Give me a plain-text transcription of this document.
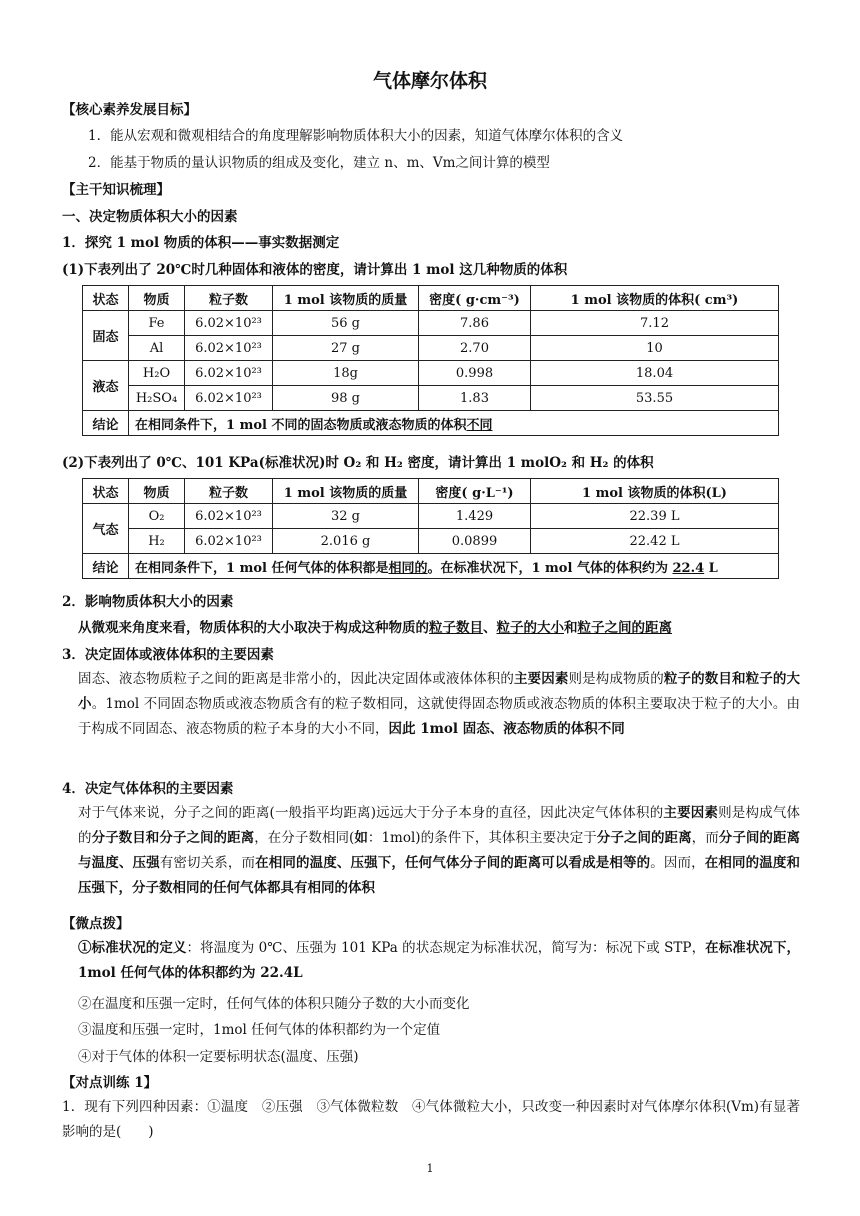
气体摩尔体积
【核心素养发展目标】
1．能从宏观和微观相结合的角度理解影响物质体积大小的因素，知道气体摩尔体积的含义
2．能基于物质的量认识物质的组成及变化，建立 n、m、Vm之间计算的模型
【主干知识梳理】
一、决定物质体积大小的因素
1．探究 1 mol 物质的体积——事实数据测定
(1)下表列出了 20℃时几种固体和液体的密度，请计算出 1 mol 这几种物质的体积
状态	物质	粒子数	1 mol 该物质的质量	密度( g·cm⁻³)	1 mol 该物质的体积( cm³)
固态	Fe	6.02×10²³	56 g	7.86	7.12
	Al	6.02×10²³	27 g	2.70	10
液态	H₂O	6.02×10²³	18g	0.998	18.04
	H₂SO₄	6.02×10²³	98 g	1.83	53.55
结论	在相同条件下，1 mol 不同的固态物质或液态物质的体积不同				
(2)下表列出了 0℃、101 KPa(标准状况)时 O₂ 和 H₂ 密度，请计算出 1 molO₂ 和 H₂ 的体积
状态	物质	粒子数	1 mol 该物质的质量	密度( g·L⁻¹)	1 mol 该物质的体积(L)
气态	O₂	6.02×10²³	32 g	1.429	22.39 L
	H₂	6.02×10²³	2.016 g	0.0899	22.42 L
结论	在相同条件下，1 mol 任何气体的体积都是相同的。在标准状况下，1 mol 气体的体积约为 22.4 L				
2．影响物质体积大小的因素
从微观来角度来看，物质体积的大小取决于构成这种物质的粒子数目、粒子的大小和粒子之间的距离
3．决定固体或液体体积的主要因素
固态、液态物质粒子之间的距离是非常小的，因此决定固体或液体体积的主要因素则是构成物质的粒子的数目和粒子的大小。1mol 不同固态物质或液态物质含有的粒子数相同，这就使得固态物质或液态物质的体积主要取决于粒子的大小。由于构成不同固态、液态物质的粒子本身的大小不同，因此 1mol 固态、液态物质的体积不同
4．决定气体体积的主要因素
对于气体来说，分子之间的距离(一般指平均距离)远远大于分子本身的直径，因此决定气体体积的主要因素则是构成气体的分子数目和分子之间的距离，在分子数相同(如：1mol)的条件下，其体积主要决定于分子之间的距离，而分子间的距离与温度、压强有密切关系，而在相同的温度、压强下，任何气体分子间的距离可以看成是相等的。因而，在相同的温度和压强下，分子数相同的任何气体都具有相同的体积
【微点拨】
①标准状况的定义：将温度为 0℃、压强为 101 KPa 的状态规定为标准状况，简写为：标况下或 STP，在标准状况下，1mol 任何气体的体积都约为 22.4L
②在温度和压强一定时，任何气体的体积只随分子数的大小而变化
③温度和压强一定时，1mol 任何气体的体积都约为一个定值
④对于气体的体积一定要标明状态(温度、压强)
【对点训练 1】
1．现有下列四种因素：①温度　②压强　③气体微粒数　④气体微粒大小，只改变一种因素时对气体摩尔体积(Vm)有显著影响的是(　　)
1
